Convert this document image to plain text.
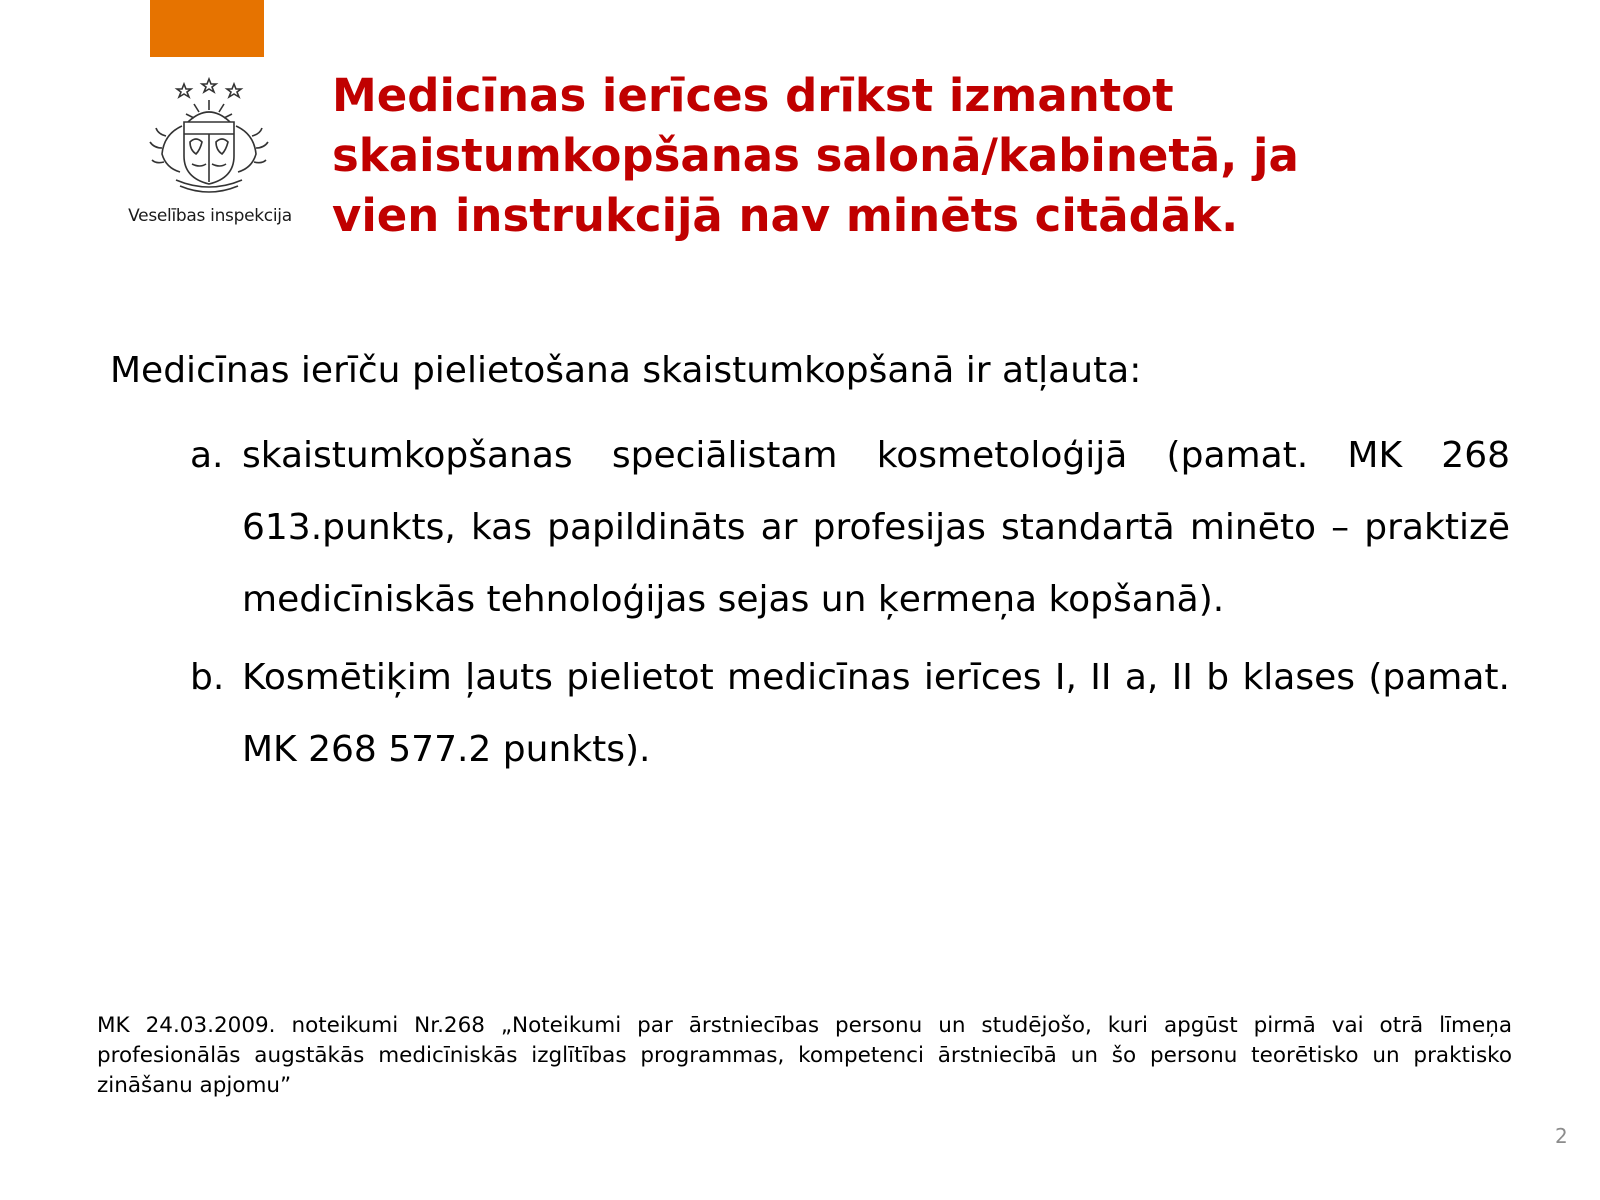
Veselības inspekcija
Medicīnas ierīces drīkst izmantot
skaistumkopšanas salonā/kabinetā, ja
vien instrukcijā nav minēts citādāk.

Medicīnas ierīču pielietošana skaistumkopšanā ir atļauta:

a. skaistumkopšanas speciālistam kosmetoloģijā (pamat. MK 268 613.punkts, kas papildināts ar profesijas standartā minēto – praktizē medicīniskās tehnoloģijas sejas un ķermeņa kopšanā).
b. Kosmētiķim ļauts pielietot medicīnas ierīces I, II a, II b klases (pamat. MK 268 577.2 punkts).

MK 24.03.2009. noteikumi Nr.268 „Noteikumi par ārstniecības personu un studējošo, kuri apgūst pirmā vai otrā līmeņa profesionālās augstākās medicīniskās izglītības programmas, kompetenci ārstniecībā un šo personu teorētisko un praktisko zināšanu apjomu”

2
